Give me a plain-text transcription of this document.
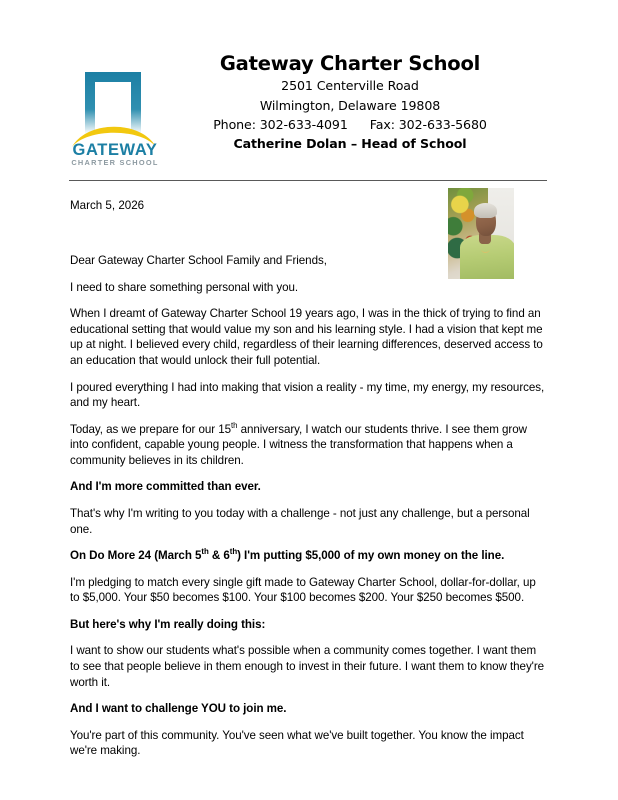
GATEWAY
CHARTER SCHOOL
Gateway Charter School
2501 Centerville Road
Wilmington, Delaware 19808
Phone: 302-633-4091 Fax: 302-633-5680
Catherine Dolan – Head of School
March 5, 2026

Dear Gateway Charter School Family and Friends,

I need to share something personal with you.

When I dreamt of Gateway Charter School 19 years ago, I was in the thick of trying to find an educational setting that would value my son and his learning style. I had a vision that kept me up at night. I believed every child, regardless of their learning differences, deserved access to an education that would unlock their full potential.

I poured everything I had into making that vision a reality - my time, my energy, my resources, and my heart.

Today, as we prepare for our 15th anniversary, I watch our students thrive. I see them grow into confident, capable young people. I witness the transformation that happens when a community believes in its children.

And I'm more committed than ever.

That's why I'm writing to you today with a challenge - not just any challenge, but a personal one.

On Do More 24 (March 5th & 6th) I'm putting $5,000 of my own money on the line.

I'm pledging to match every single gift made to Gateway Charter School, dollar-for-dollar, up to $5,000. Your $50 becomes $100. Your $100 becomes $200. Your $250 becomes $500.

But here's why I'm really doing this:

I want to show our students what's possible when a community comes together. I want them to see that people believe in them enough to invest in their future. I want them to know they're worth it.

And I want to challenge YOU to join me.

You're part of this community. You've seen what we've built together. You know the impact we're making.
